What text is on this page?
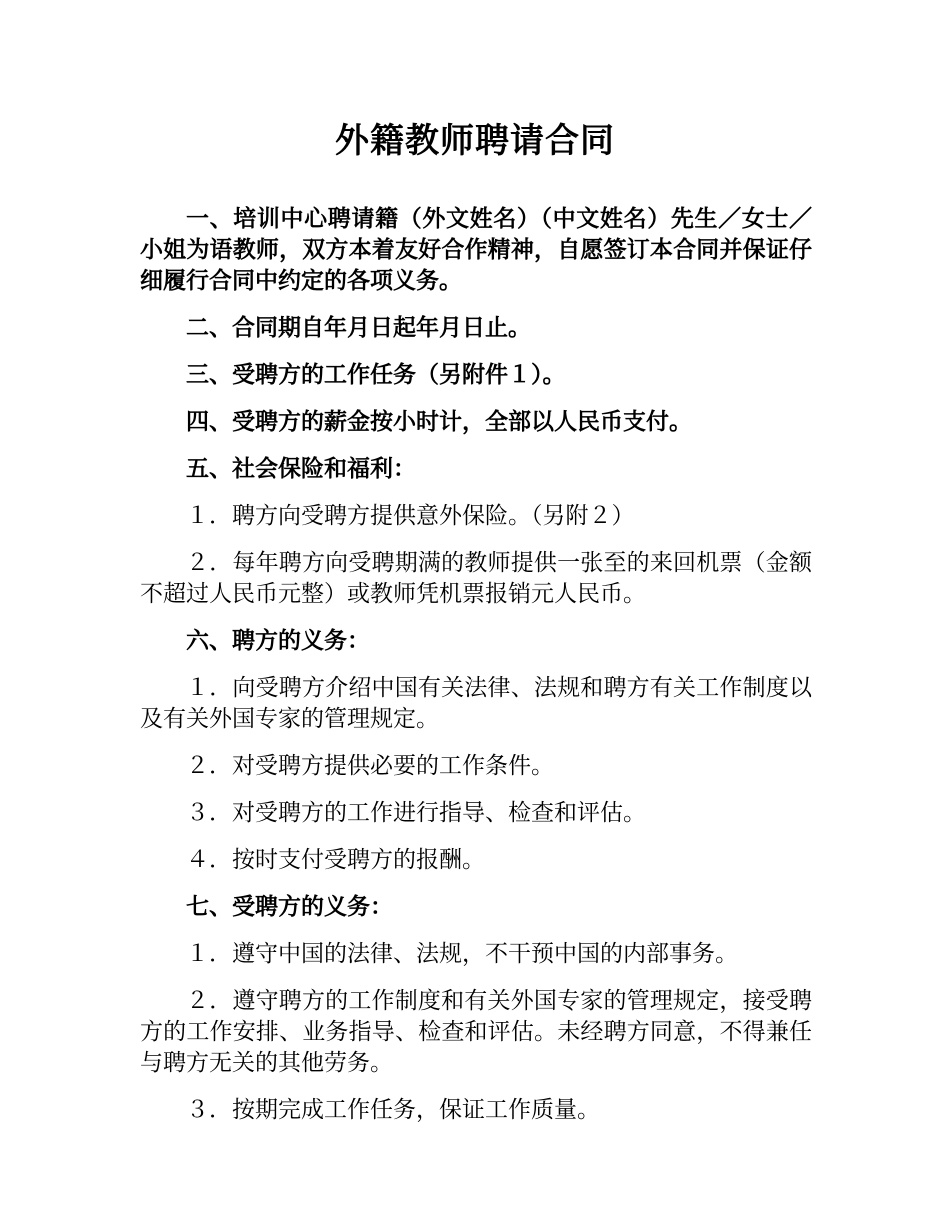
外籍教师聘请合同

一、培训中心聘请籍（外文姓名）（中文姓名）先生／女士／小姐为语教师，双方本着友好合作精神，自愿签订本合同并保证仔细履行合同中约定的各项义务。

二、合同期自年月日起年月日止。

三、受聘方的工作任务（另附件１）。

四、受聘方的薪金按小时计，全部以人民币支付。

五、社会保险和福利：

１．聘方向受聘方提供意外保险。（另附２）

２．每年聘方向受聘期满的教师提供一张至的来回机票（金额不超过人民币元整）或教师凭机票报销元人民币。

六、聘方的义务：

１．向受聘方介绍中国有关法律、法规和聘方有关工作制度以及有关外国专家的管理规定。

２．对受聘方提供必要的工作条件。

３．对受聘方的工作进行指导、检查和评估。

４．按时支付受聘方的报酬。

七、受聘方的义务：

１．遵守中国的法律、法规，不干预中国的内部事务。

２．遵守聘方的工作制度和有关外国专家的管理规定，接受聘方的工作安排、业务指导、检查和评估。未经聘方同意，不得兼任与聘方无关的其他劳务。

３．按期完成工作任务，保证工作质量。
